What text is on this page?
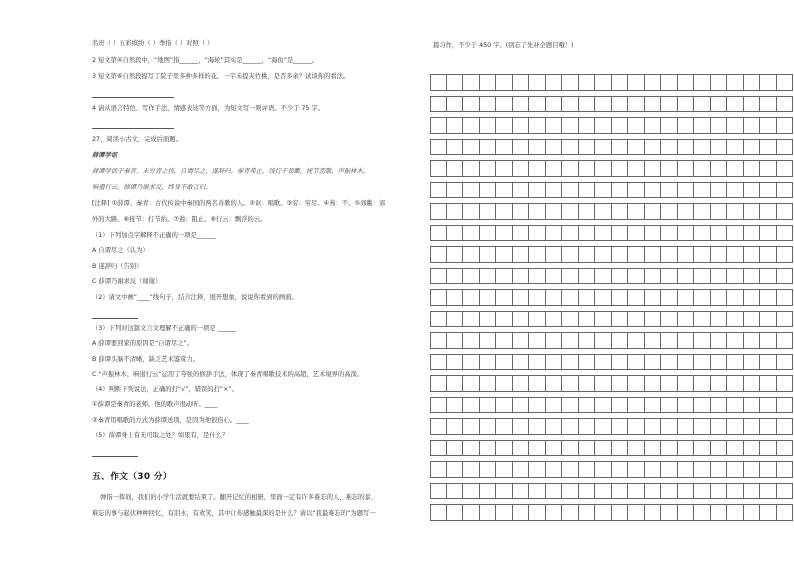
名贵（ ）五彩缤纷（ ）季指（ ）对照（ ）
2 短文第④自然段中，“地图”指______，“海轮”其实是______，“海鱼”是______。
3 短文第⑥自然段描写了院子里多种多样的花，一字未提夹竹桃，是否多余？试谈你的看法。
4 请从语言特色、写作手法、情感表达等方面，为短文写一则评语。不少于 75 字。
27、阅读小古文，完成后面题。
薛谭学讴
薛谭学讴于秦青，未穷青之技，自谓尽之，遂辞归。秦青弗止，饯行于郊衢，抚节悲歌，声振林木，
响遏行云。薛谭乃谢求反，终身不敢言归。
[注释] ①薛谭、秦青：古代传说中秦国的两名善歌的人。②讴：唱歌。③穷：穷尽。④弗：不。⑤郊衢：郊
外的大路。⑥抚节：打节拍。⑦遏：阻止。⑧行云：飘浮的云。
（1）下列加点字解释不正确的一项是______
A 自谓尽之（认为）
B 遂辞归（告别）
C 薛谭乃谢求反（谢谢）
（2）请文中画“____”线句子，结合注释，展开想象，说说你看到的画面。
（3）下列对这篇文言文理解不正确的一项是 ______
A 薛谭要回家的原因是“自谓尽之”。
B 薛谭头脑不清晰，缺乏艺术鉴赏力。
C “声振林木，响遏行云”运用了夸张的修辞手法，体现了秦青唱歌技术的高超，艺术境界的高深。
（4）判断下列说法，正确的打“√”，错误的打“×”。
①薛谭是秦青的老师，他的歌声很动听。____
②秦青用唱歌的方式为薛谭送别，是因为他很伤心。____
（5）薛谭身上有无可取之处？如果有，是什么？
五、作文（30 分）
弹指一挥间，我们的小学生活就要结束了。翻开记忆的相册，里面一定有许多难忘的人、难忘的景、
难忘的事与起伏种种回忆，有泪水，有欢笑，其中让你感触最深的是什么？请以“我最难忘的”为题写一
篇习作，不少于 450 字。(别忘了先补全题目哦！)
